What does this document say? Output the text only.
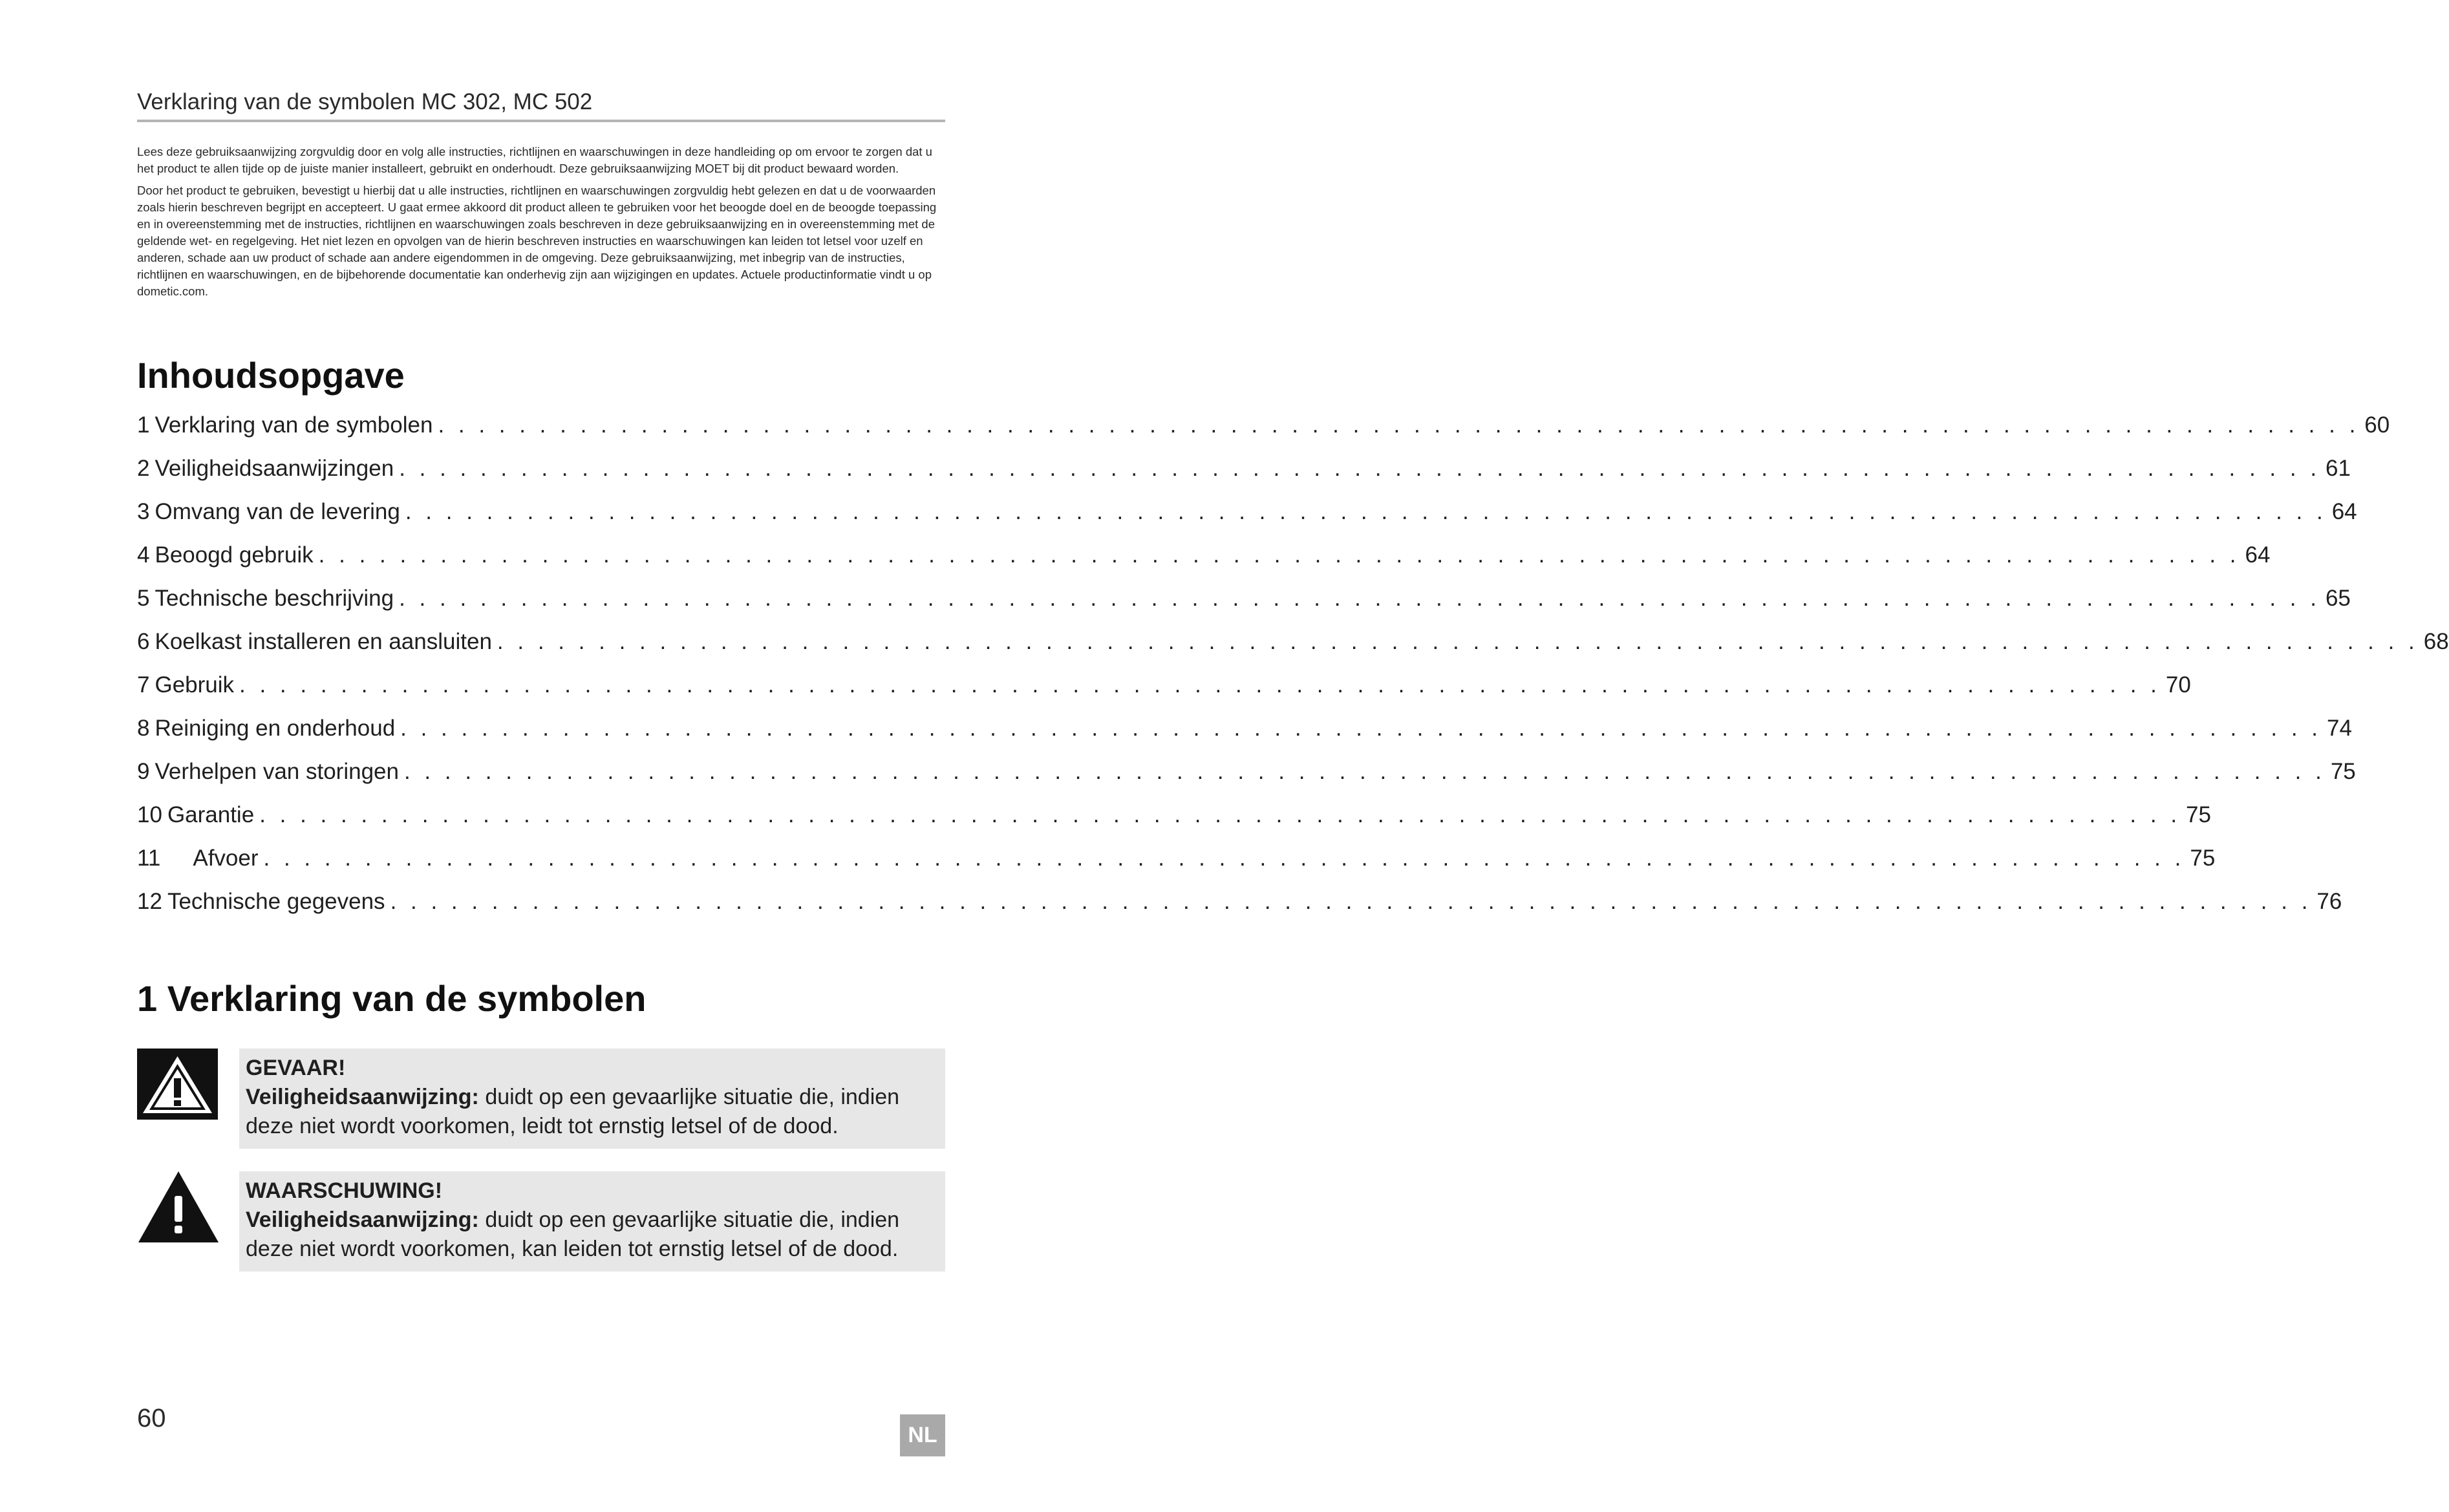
Verklaring van de symbolen MC 302, MC 502

Lees deze gebruiksaanwijzing zorgvuldig door en volg alle instructies, richtlijnen en waarschuwingen in deze handleiding op om ervoor te zorgen dat u het product te allen tijde op de juiste manier installeert, gebruikt en onderhoudt. Deze gebruiksaanwijzing MOET bij dit product bewaard worden.

Door het product te gebruiken, bevestigt u hierbij dat u alle instructies, richtlijnen en waarschuwingen zorgvuldig hebt gelezen en dat u de voorwaarden zoals hierin beschreven begrijpt en accepteert. U gaat ermee akkoord dit product alleen te gebruiken voor het beoogde doel en de beoogde toepassing en in overeenstemming met de instructies, richtlijnen en waarschuwingen zoals beschreven in deze gebruiksaanwijzing en in overeenstemming met de geldende wet- en regelgeving. Het niet lezen en opvolgen van de hierin beschreven instructies en waarschuwingen kan leiden tot letsel voor uzelf en anderen, schade aan uw product of schade aan andere eigendommen in de omgeving. Deze gebruiksaanwijzing, met inbegrip van de instructies, richtlijnen en waarschuwingen, en de bijbehorende documentatie kan onderhevig zijn aan wijzigingen en updates. Actuele productinformatie vindt u op dometic.com.

Inhoudsopgave
1 Verklaring van de symbolen . . . . . . . . . . . . . . . . . . . . . . . . . . . . . . . . . . . . . . . . . . . . . . . . . . . . . . . . . . . . . . . . . . . . . . . . . . . . . . . . . . . . . . . . . . . . . . . 60
2 Veiligheidsaanwijzingen . . . . . . . . . . . . . . . . . . . . . . . . . . . . . . . . . . . . . . . . . . . . . . . . . . . . . . . . . . . . . . . . . . . . . . . . . . . . . . . . . . . . . . . . . . . . . . . 61
3 Omvang van de levering . . . . . . . . . . . . . . . . . . . . . . . . . . . . . . . . . . . . . . . . . . . . . . . . . . . . . . . . . . . . . . . . . . . . . . . . . . . . . . . . . . . . . . . . . . . . . . . 64
4 Beoogd gebruik . . . . . . . . . . . . . . . . . . . . . . . . . . . . . . . . . . . . . . . . . . . . . . . . . . . . . . . . . . . . . . . . . . . . . . . . . . . . . . . . . . . . . . . . . . . . . . . 64
5 Technische beschrijving . . . . . . . . . . . . . . . . . . . . . . . . . . . . . . . . . . . . . . . . . . . . . . . . . . . . . . . . . . . . . . . . . . . . . . . . . . . . . . . . . . . . . . . . . . . . . . . 65
6 Koelkast installeren en aansluiten . . . . . . . . . . . . . . . . . . . . . . . . . . . . . . . . . . . . . . . . . . . . . . . . . . . . . . . . . . . . . . . . . . . . . . . . . . . . . . . . . . . . . . . . . . . . . . . 68
7 Gebruik . . . . . . . . . . . . . . . . . . . . . . . . . . . . . . . . . . . . . . . . . . . . . . . . . . . . . . . . . . . . . . . . . . . . . . . . . . . . . . . . . . . . . . . . . . . . . . . 70
8 Reiniging en onderhoud . . . . . . . . . . . . . . . . . . . . . . . . . . . . . . . . . . . . . . . . . . . . . . . . . . . . . . . . . . . . . . . . . . . . . . . . . . . . . . . . . . . . . . . . . . . . . . . 74
9 Verhelpen van storingen . . . . . . . . . . . . . . . . . . . . . . . . . . . . . . . . . . . . . . . . . . . . . . . . . . . . . . . . . . . . . . . . . . . . . . . . . . . . . . . . . . . . . . . . . . . . . . . 75
10 Garantie . . . . . . . . . . . . . . . . . . . . . . . . . . . . . . . . . . . . . . . . . . . . . . . . . . . . . . . . . . . . . . . . . . . . . . . . . . . . . . . . . . . . . . . . . . . . . . . 75
11 Afvoer . . . . . . . . . . . . . . . . . . . . . . . . . . . . . . . . . . . . . . . . . . . . . . . . . . . . . . . . . . . . . . . . . . . . . . . . . . . . . . . . . . . . . . . . . . . . . . . 75
12 Technische gegevens . . . . . . . . . . . . . . . . . . . . . . . . . . . . . . . . . . . . . . . . . . . . . . . . . . . . . . . . . . . . . . . . . . . . . . . . . . . . . . . . . . . . . . . . . . . . . . . 76
1 Verklaring van de symbolen
GEVAAR!
Veiligheidsaanwijzing: duidt op een gevaarlijke situatie die, indien deze niet wordt voorkomen, leidt tot ernstig letsel of de dood.
WAARSCHUWING!
Veiligheidsaanwijzing: duidt op een gevaarlijke situatie die, indien deze niet wordt voorkomen, kan leiden tot ernstig letsel of de dood.
60
NL
